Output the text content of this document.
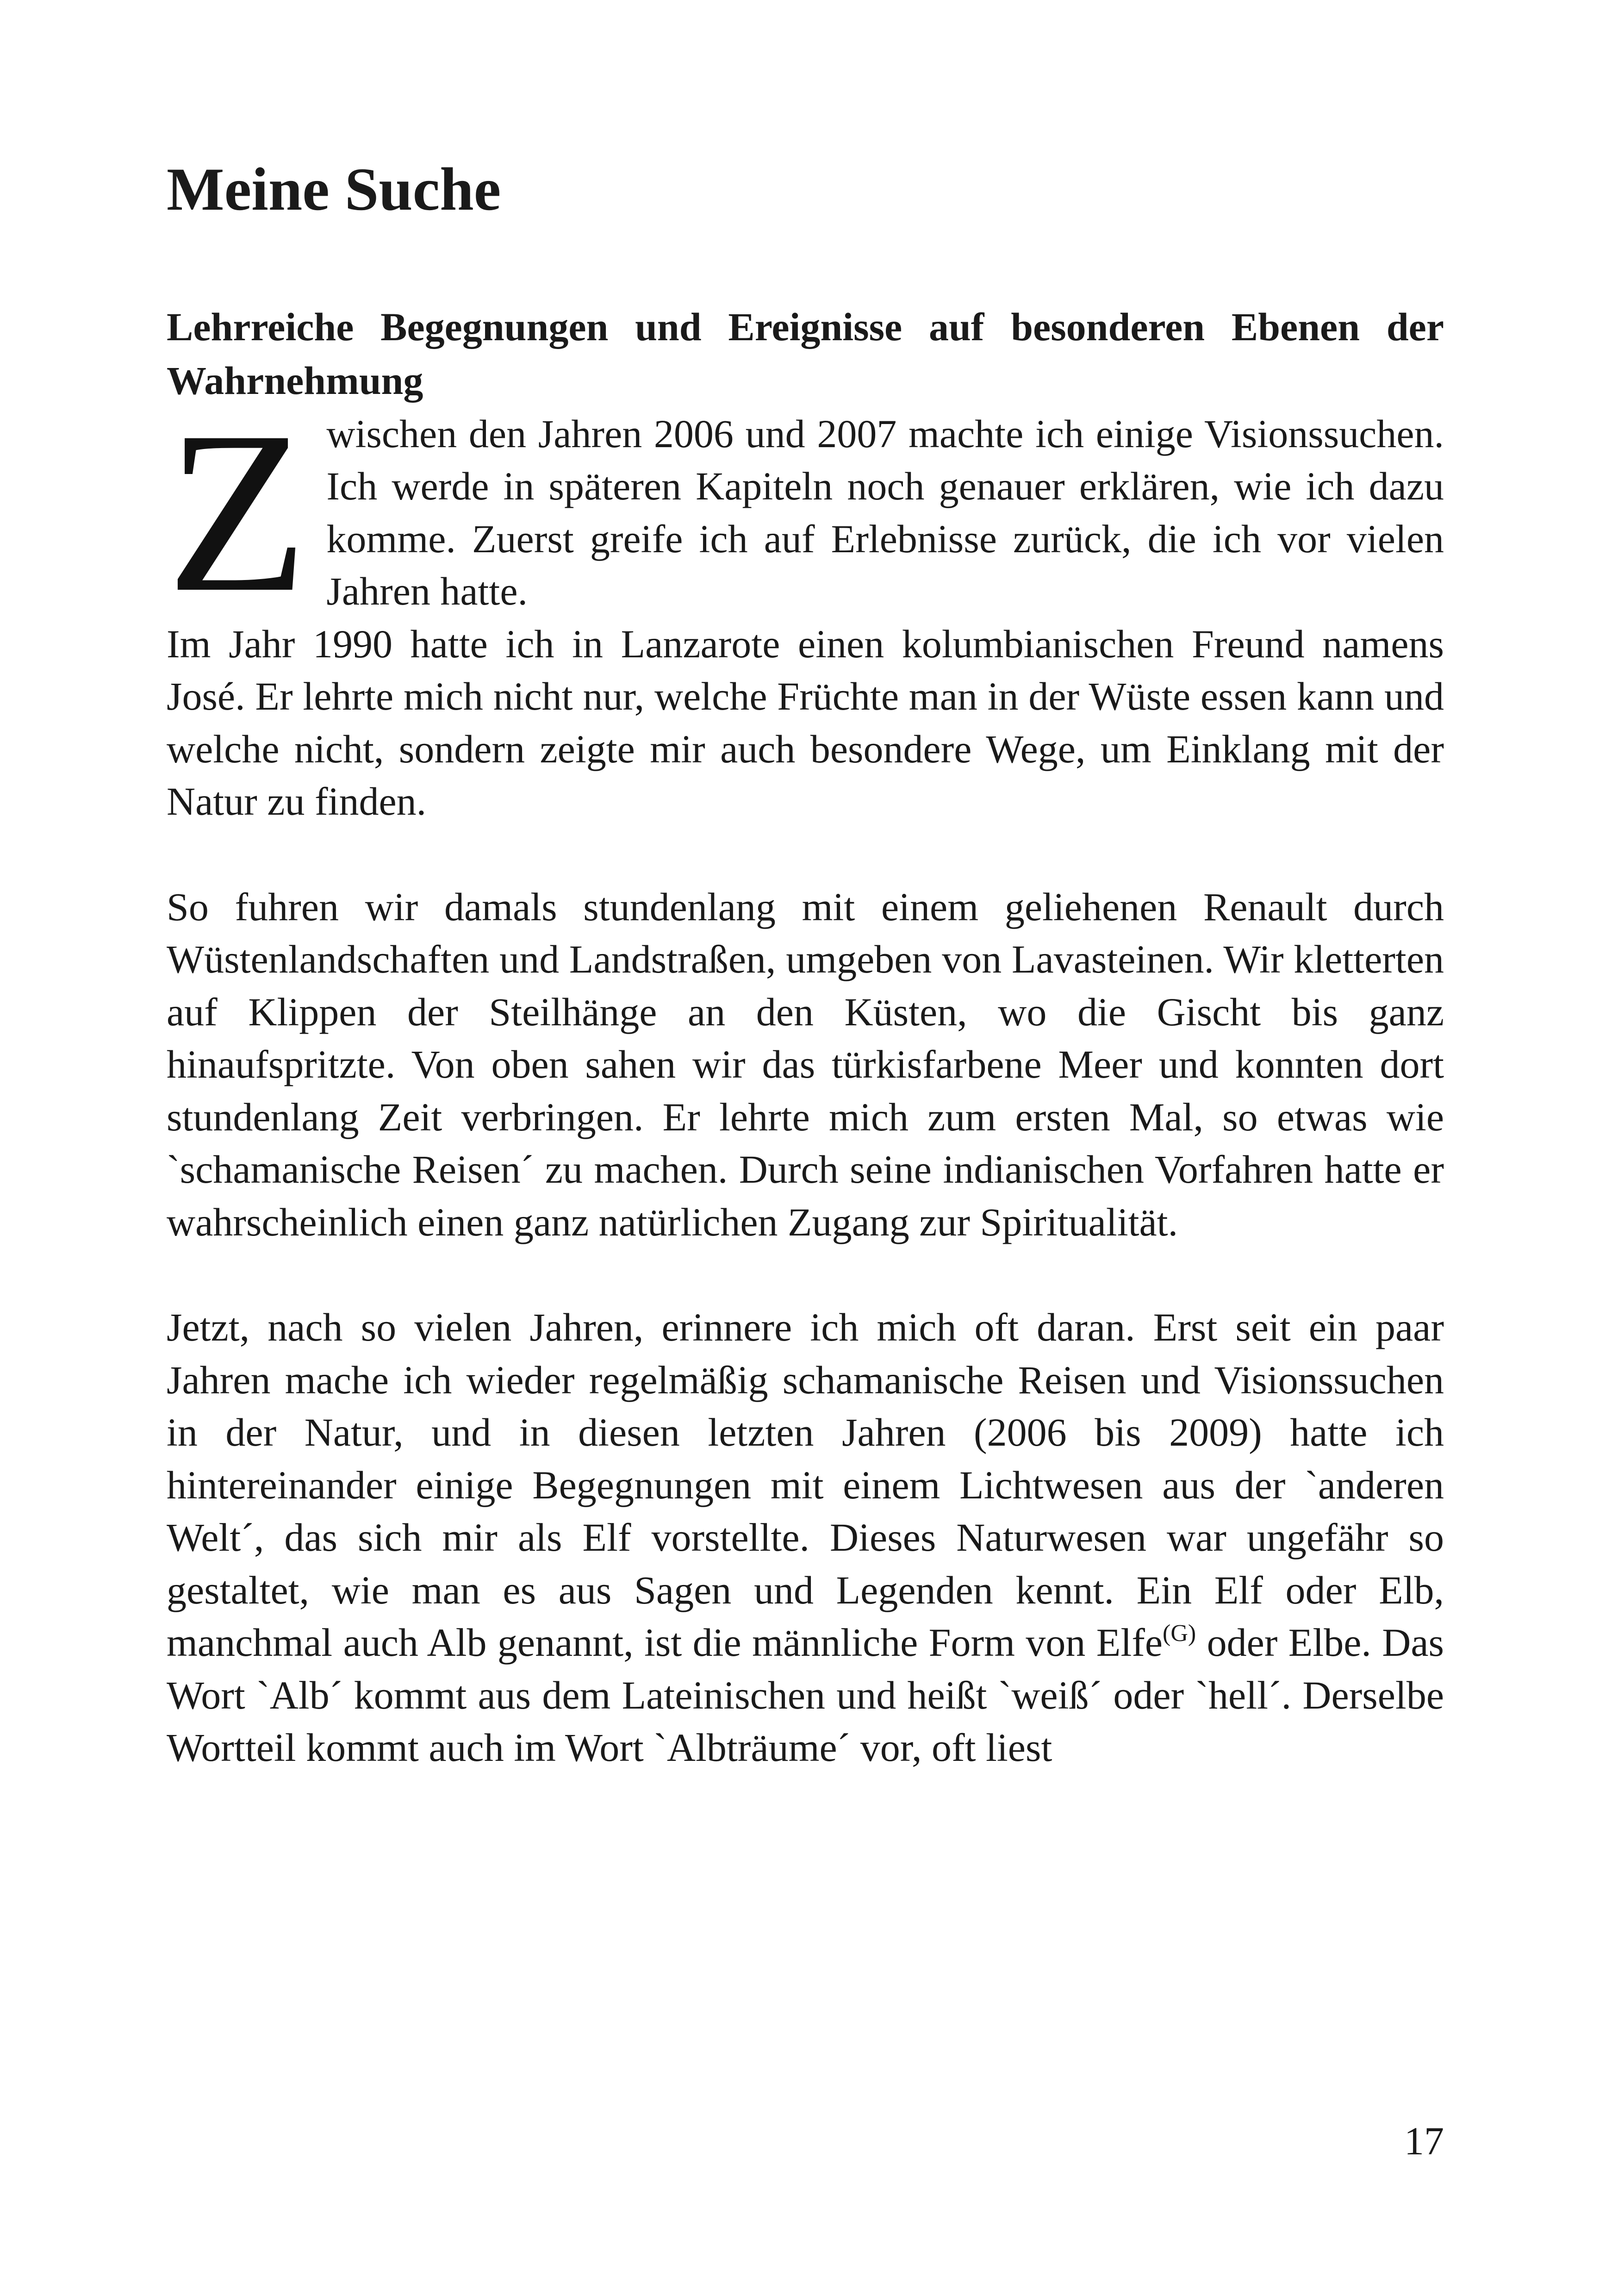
Meine Suche
Lehrreiche Begegnungen und Ereignisse auf besonderen Ebenen der Wahrnehmung

Zwischen den Jahren 2006 und 2007 machte ich einige Visionssuchen. Ich werde in späteren Kapiteln noch genauer erklären, wie ich dazu komme. Zuerst greife ich auf Erlebnisse zurück, die ich vor vielen Jahren hatte.

Im Jahr 1990 hatte ich in Lanzarote einen kolumbianischen Freund namens José. Er lehrte mich nicht nur, welche Früchte man in der Wüste essen kann und welche nicht, sondern zeigte mir auch besondere Wege, um Einklang mit der Natur zu finden.

So fuhren wir damals stundenlang mit einem geliehenen Renault durch Wüstenlandschaften und Landstraßen, umgeben von Lavasteinen. Wir kletterten auf Klippen der Steilhänge an den Küsten, wo die Gischt bis ganz hinaufspritzte. Von oben sahen wir das türkisfarbene Meer und konnten dort stundenlang Zeit verbringen. Er lehrte mich zum ersten Mal, so etwas wie `schamanische Reisen´ zu machen. Durch seine indianischen Vorfahren hatte er wahrscheinlich einen ganz natürlichen Zugang zur Spiritualität.

Jetzt, nach so vielen Jahren, erinnere ich mich oft daran. Erst seit ein paar Jahren mache ich wieder regelmäßig schamanische Reisen und Visionssuchen in der Natur, und in diesen letzten Jahren (2006 bis 2009) hatte ich hintereinander einige Begegnungen mit einem Lichtwesen aus der `anderen Welt´, das sich mir als Elf vorstellte. Dieses Naturwesen war ungefähr so gestaltet, wie man es aus Sagen und Legenden kennt. Ein Elf oder Elb, manchmal auch Alb genannt, ist die männliche Form von Elfe$^{(G)}$ oder Elbe. Das Wort `Alb´ kommt aus dem Lateinischen und heißt `weiß´ oder `hell´. Derselbe Wortteil kommt auch im Wort `Albträume´ vor, oft liest

17
